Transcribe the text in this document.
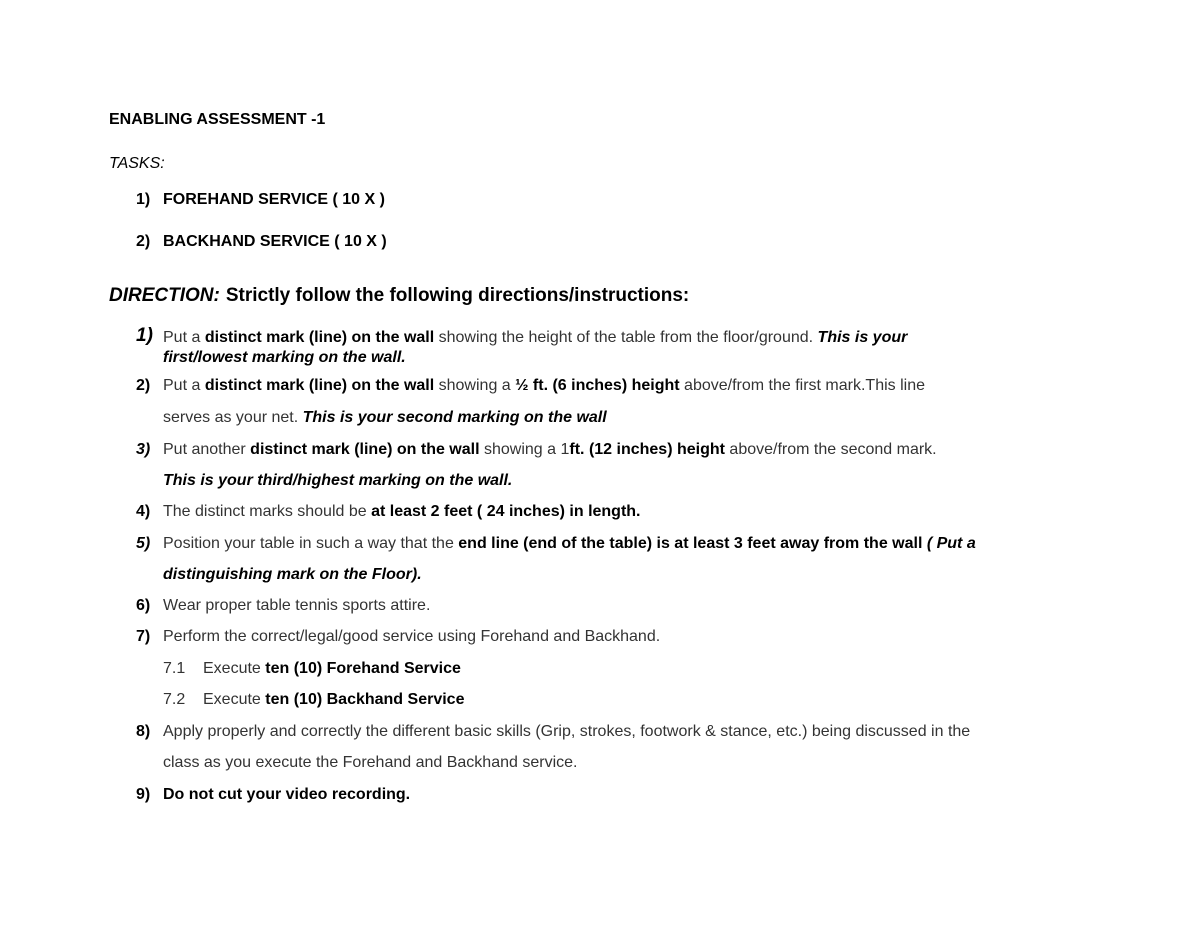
ENABLING ASSESSMENT -1
TASKS:
1) FOREHAND SERVICE ( 10 X )
2) BACKHAND SERVICE ( 10 X )
DIRECTION: Strictly follow the following directions/instructions:
1) Put a distinct mark (line) on the wall showing the height of the table from the floor/ground. This is your
first/lowest marking on the wall.
2) Put a distinct mark (line) on the wall showing a ½ ft. (6 inches) height above/from the first mark.This line
serves as your net. This is your second marking on the wall
3) Put another distinct mark (line) on the wall showing a 1ft. (12 inches) height above/from the second mark.
This is your third/highest marking on the wall.
4) The distinct marks should be at least 2 feet ( 24 inches) in length.
5) Position your table in such a way that the end line (end of the table) is at least 3 feet away from the wall ( Put a
distinguishing mark on the Floor).
6) Wear proper table tennis sports attire.
7) Perform the correct/legal/good service using Forehand and Backhand.
7.1 Execute ten (10) Forehand Service
7.2 Execute ten (10) Backhand Service
8) Apply properly and correctly the different basic skills (Grip, strokes, footwork & stance, etc.) being discussed in the
class as you execute the Forehand and Backhand service.
9) Do not cut your video recording.
